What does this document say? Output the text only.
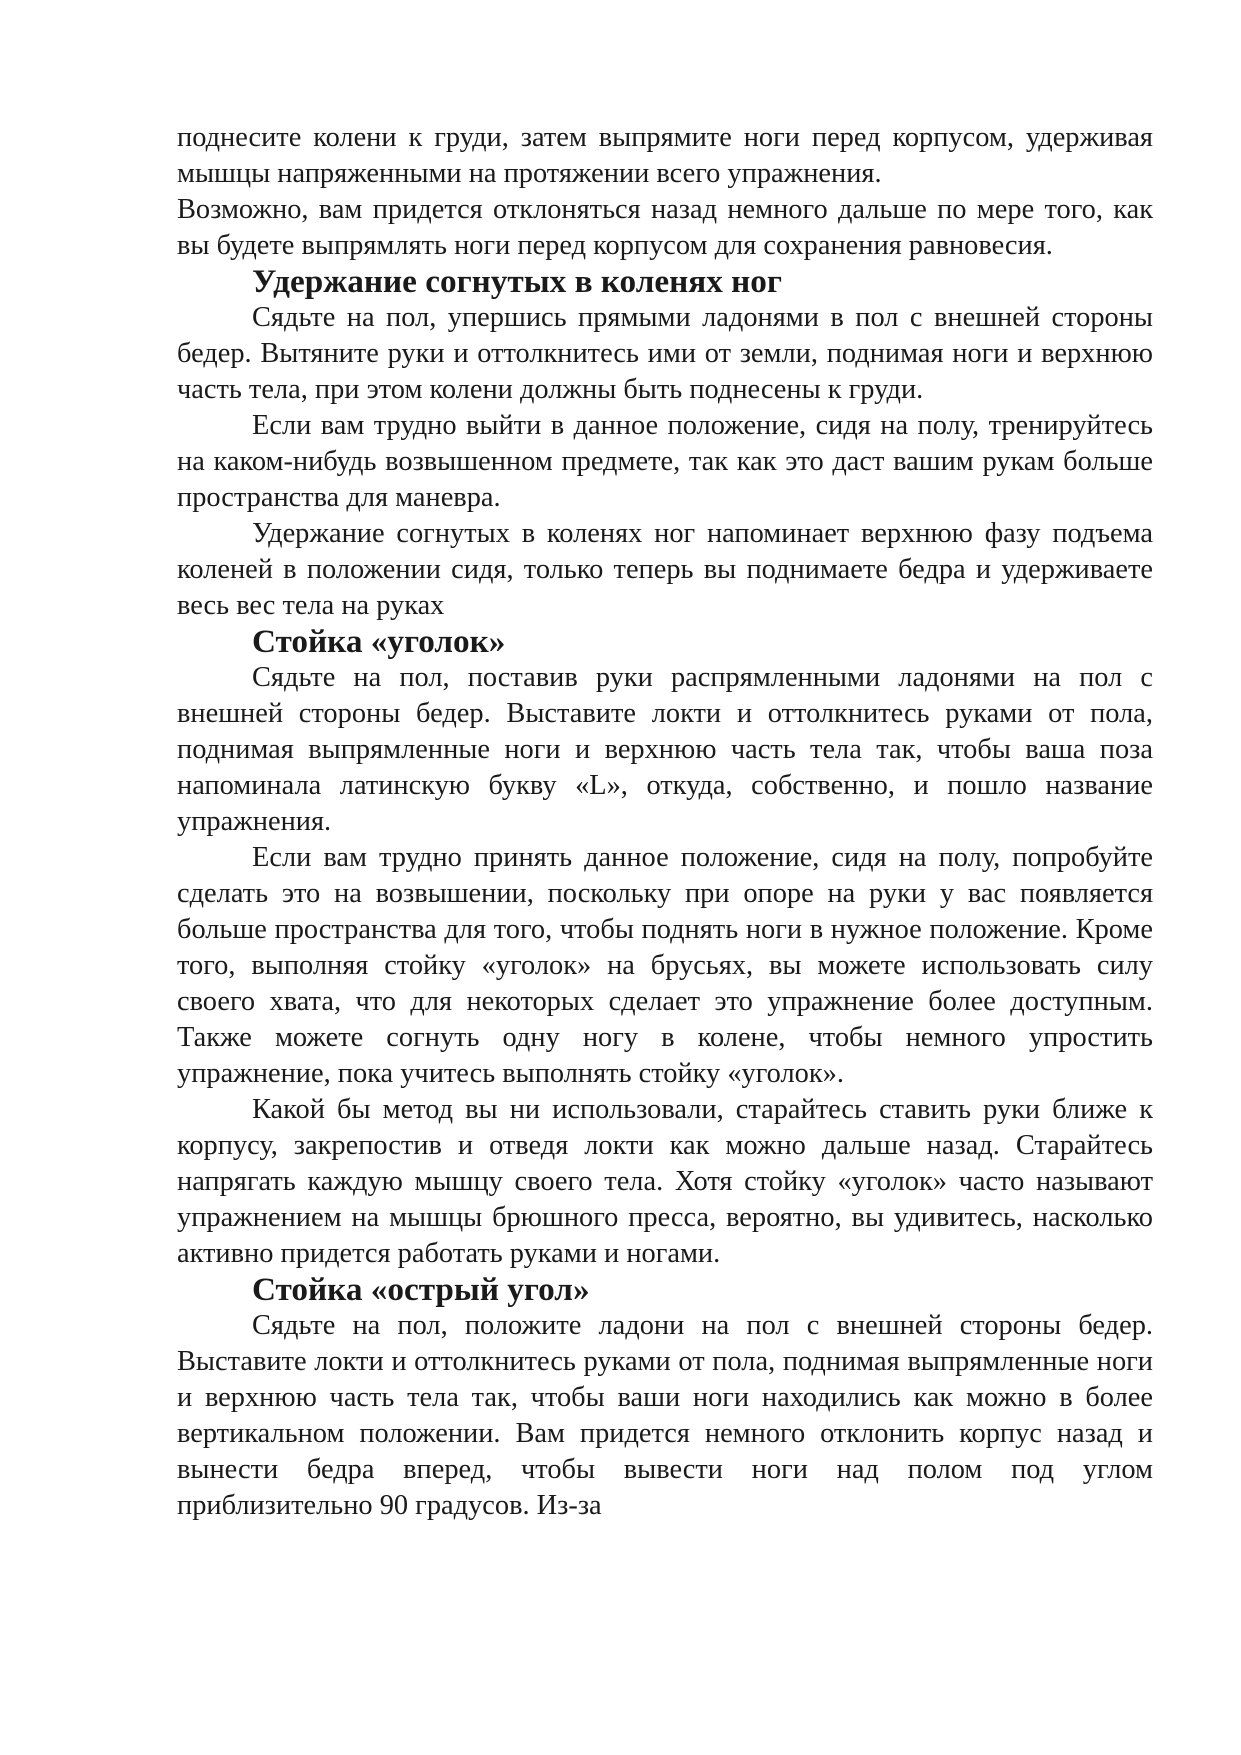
поднесите колени к груди, затем выпрямите ноги перед корпусом, удерживая мышцы напряженными на протяжении всего упражнения.

Возможно, вам придется отклоняться назад немного дальше по мере того, как вы будете выпрямлять ноги перед корпусом для сохранения равновесия.

Удержание согнутых в коленях ног

Сядьте на пол, упершись прямыми ладонями в пол с внешней стороны бедер. Вытяните руки и оттолкнитесь ими от земли, поднимая ноги и верхнюю часть тела, при этом колени должны быть поднесены к груди.

Если вам трудно выйти в данное положение, сидя на полу, тренируйтесь на каком-нибудь возвышенном предмете, так как это даст вашим рукам больше пространства для маневра.

Удержание согнутых в коленях ног напоминает верхнюю фазу подъема коленей в положении сидя, только теперь вы поднимаете бедра и удерживаете весь вес тела на руках

Стойка «уголок»

Сядьте на пол, поставив руки распрямленными ладонями на пол с внешней стороны бедер. Выставите локти и оттолкнитесь руками от пола, поднимая выпрямленные ноги и верхнюю часть тела так, чтобы ваша поза напоминала латинскую букву «L», откуда, собственно, и пошло название упражнения.

Если вам трудно принять данное положение, сидя на полу, попробуйте сделать это на возвышении, поскольку при опоре на руки у вас появляется больше пространства для того, чтобы поднять ноги в нужное положение. Кроме того, выполняя стойку «уголок» на брусьях, вы можете использовать силу своего хвата, что для некоторых сделает это упражнение более доступным. Также можете согнуть одну ногу в колене, чтобы немного упростить упражнение, пока учитесь выполнять стойку «уголок».

Какой бы метод вы ни использовали, старайтесь ставить руки ближе к корпусу, закрепостив и отведя локти как можно дальше назад. Старайтесь напрягать каждую мышцу своего тела. Хотя стойку «уголок» часто называют упражнением на мышцы брюшного пресса, вероятно, вы удивитесь, насколько активно придется работать руками и ногами.

Стойка «острый угол»

Сядьте на пол, положите ладони на пол с внешней стороны бедер. Выставите локти и оттолкнитесь руками от пола, поднимая выпрямленные ноги и верхнюю часть тела так, чтобы ваши ноги находились как можно в более вертикальном положении. Вам придется немного отклонить корпус назад и вынести бедра вперед, чтобы вывести ноги над полом под углом приблизительно 90 градусов. Из-за
